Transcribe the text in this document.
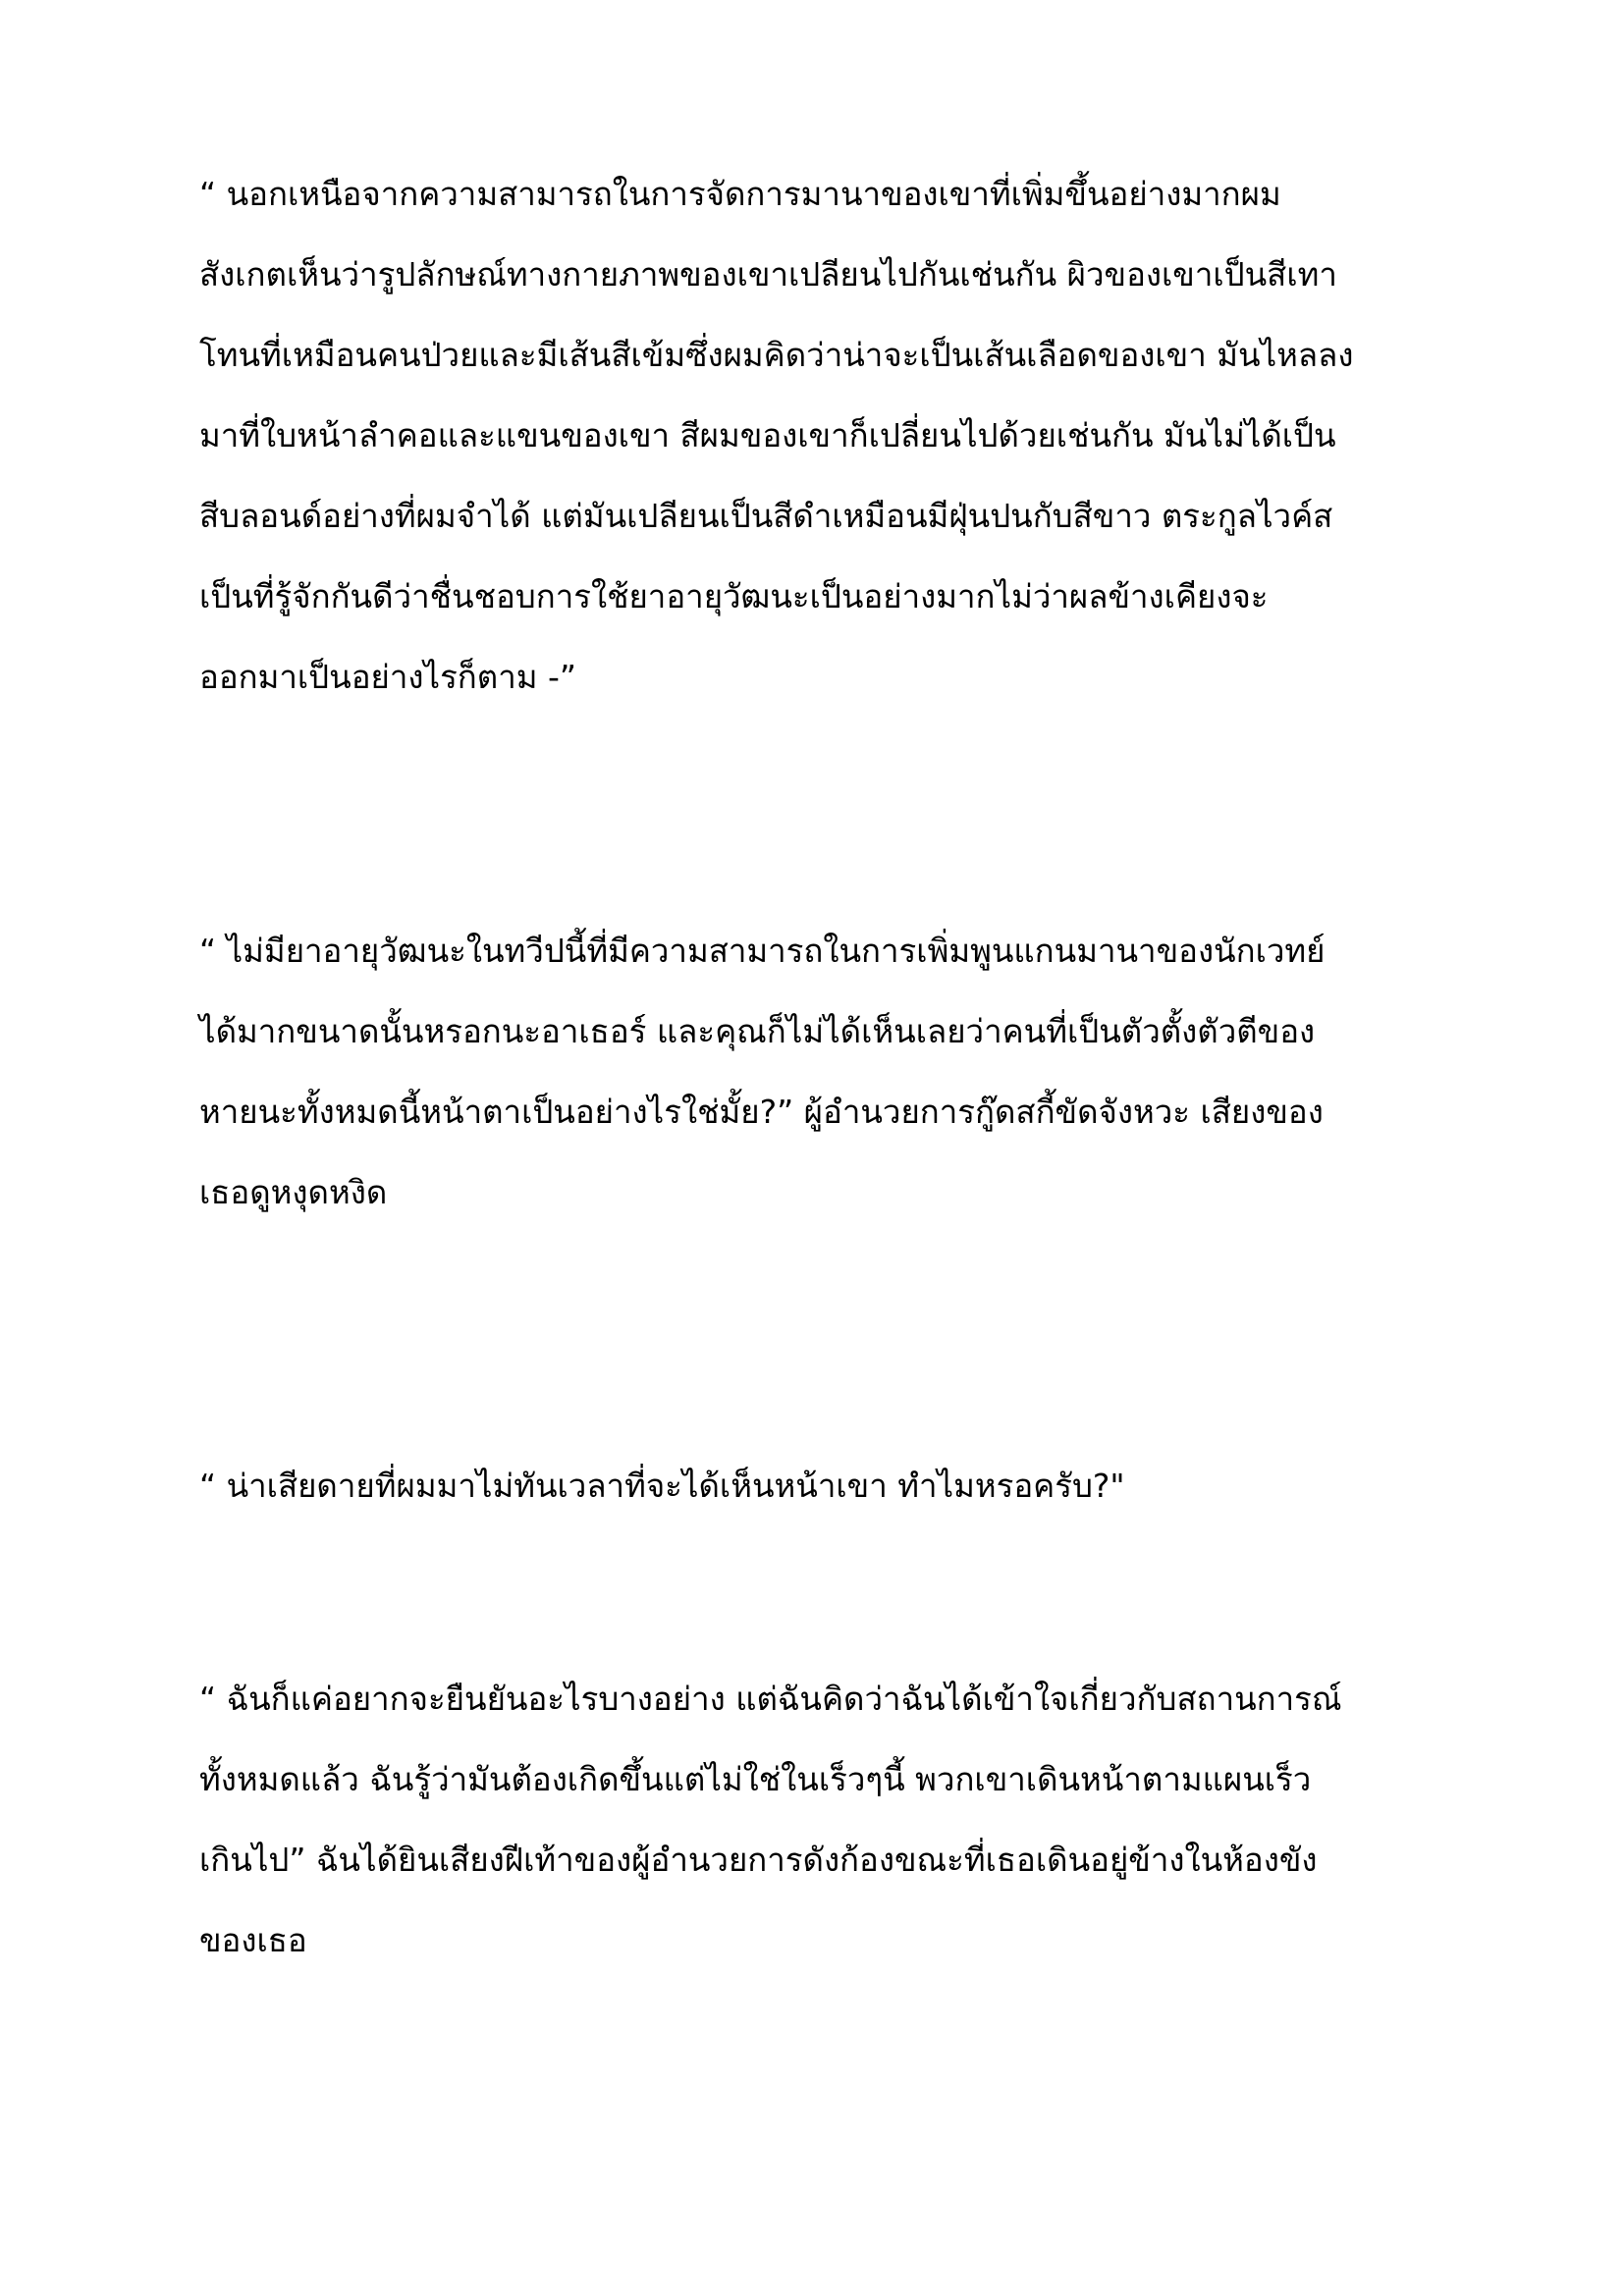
“ นอกเหนือจากความสามารถในการจัดการมานาของเขาที่เพิ่มขึ้นอย่างมากผม
สังเกตเห็นว่ารูปลักษณ์ทางกายภาพของเขาเปลียนไปกันเช่นกัน ผิวของเขาเป็นสีเทา
โทนที่เหมือนคนป่วยและมีเส้นสีเข้มซึ่งผมคิดว่าน่าจะเป็นเส้นเลือดของเขา มันไหลลง
มาที่ใบหน้าลำคอและแขนของเขา สีผมของเขาก็เปลี่ยนไปด้วยเช่นกัน มันไม่ได้เป็น
สีบลอนด์อย่างที่ผมจำได้ แต่มันเปลียนเป็นสีดำเหมือนมีฝุ่นปนกับสีขาว ตระกูลไวค์ส
เป็นที่รู้จักกันดีว่าชื่นชอบการใช้ยาอายุวัฒนะเป็นอย่างมากไม่ว่าผลข้างเคียงจะ
ออกมาเป็นอย่างไรก็ตาม -”
“ ไม่มียาอายุวัฒนะในทวีปนี้ที่มีความสามารถในการเพิ่มพูนแกนมานาของนักเวทย์
ได้มากขนาดนั้นหรอกนะอาเธอร์ และคุณก็ไม่ได้เห็นเลยว่าคนที่เป็นตัวตั้งตัวตีของ
หายนะทั้งหมดนี้หน้าตาเป็นอย่างไรใช่มั้ย?” ผู้อำนวยการกู๊ดสกี้ขัดจังหวะ เสียงของ
เธอดูหงุดหงิด
“ น่าเสียดายที่ผมมาไม่ทันเวลาที่จะได้เห็นหน้าเขา ทำไมหรอครับ?"
“ ฉันก็แค่อยากจะยืนยันอะไรบางอย่าง แต่ฉันคิดว่าฉันได้เข้าใจเกี่ยวกับสถานการณ์
ทั้งหมดแล้ว ฉันรู้ว่ามันต้องเกิดขึ้นแต่ไม่ใช่ในเร็วๆนี้ พวกเขาเดินหน้าตามแผนเร็ว
เกินไป” ฉันได้ยินเสียงฝีเท้าของผู้อำนวยการดังก้องขณะที่เธอเดินอยู่ข้างในห้องขัง
ของเธอ
